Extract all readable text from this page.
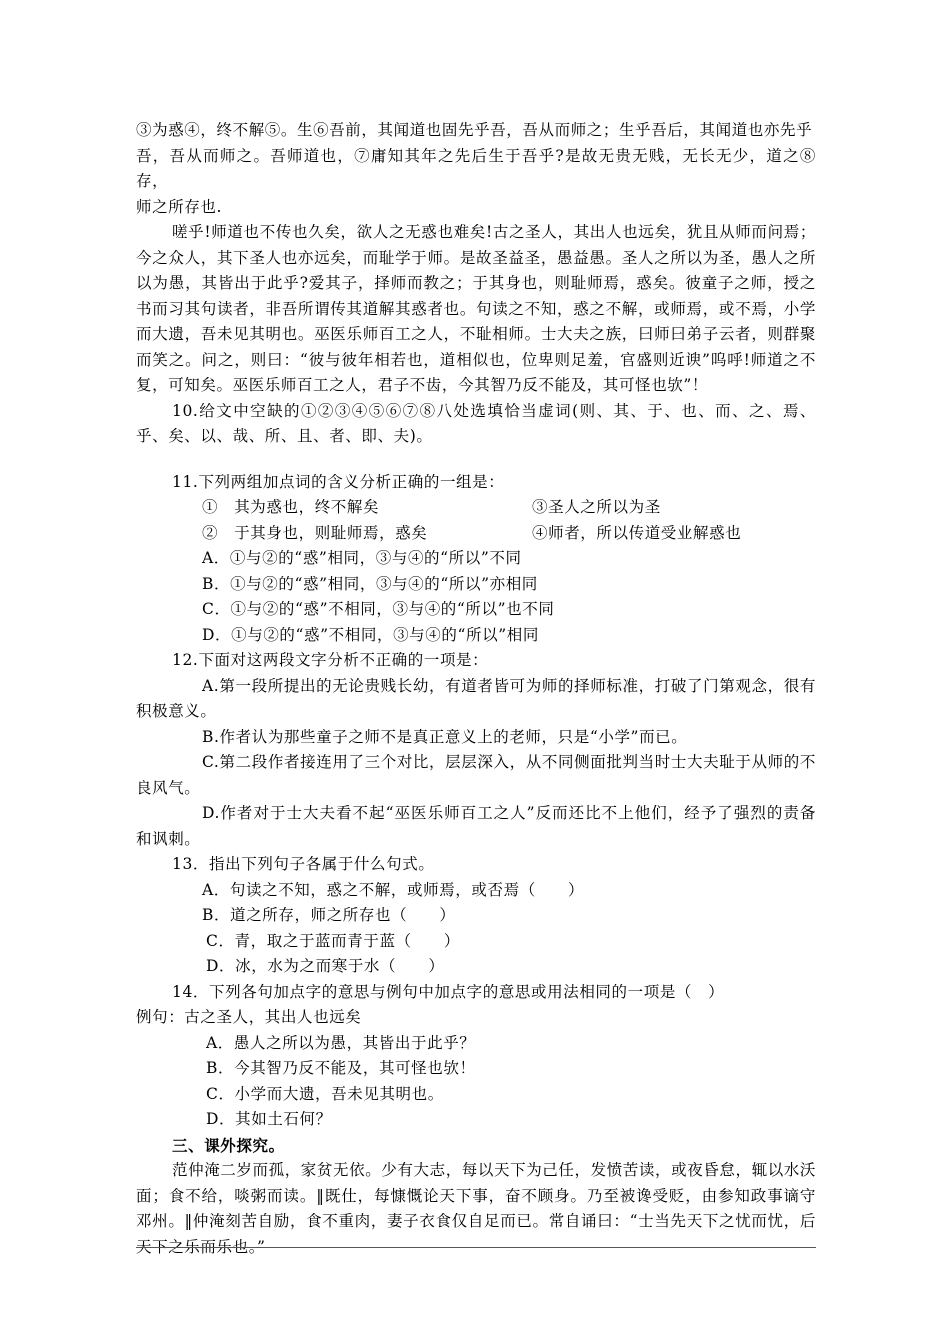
③为惑④，终不解⑤。生⑥吾前，其闻道也固先乎吾，吾从而师之；生乎吾后，其闻道也亦先乎

吾，吾从而师之。吾师道也，⑦庸知其年之先后生于吾乎?是故无贵无贱，无长无少，道之⑧存，

师之所存也.

嗟乎!师道也不传也久矣，欲人之无惑也难矣!古之圣人，其出人也远矣，犹且从师而问焉；今之众人，其下圣人也亦远矣，而耻学于师。是故圣益圣，愚益愚。圣人之所以为圣，愚人之所以为愚，其皆出于此乎?爱其子，择师而教之；于其身也，则耻师焉，惑矣。彼童子之师，授之书而习其句读者，非吾所谓传其道解其惑者也。句读之不知，惑之不解，或师焉，或不焉，小学而大遗，吾未见其明也。巫医乐师百工之人，不耻相师。士大夫之族，曰师曰弟子云者，则群聚而笑之。问之，则曰：“彼与彼年相若也，道相似也，位卑则足羞，官盛则近谀”呜呼!师道之不复，可知矣。巫医乐师百工之人，君子不齿，今其智乃反不能及，其可怪也欤”！

10.给文中空缺的①②③④⑤⑥⑦⑧八处选填恰当虚词(则、其、于、也、而、之、焉、乎、矣、以、哉、所、且、者、即、夫)。

11.下列两组加点词的含义分析正确的一组是：

①　其为惑也，终不解矣	③圣人之所以为圣
②　于其身也，则耻师焉，惑矣	④师者，所以传道受业解惑也

A．①与②的“惑”相同，③与④的“所以”不同

B．①与②的“惑”相同，③与④的“所以”亦相同

C．①与②的“惑”不相同，③与④的“所以”也不同

D．①与②的“惑”不相同，③与④的“所以”相同

12.下面对这两段文字分析不正确的一项是：

A.第一段所提出的无论贵贱长幼，有道者皆可为师的择师标准，打破了门第观念，很有积极意义。

B.作者认为那些童子之师不是真正意义上的老师，只是“小学”而已。

C.第二段作者接连用了三个对比，层层深入，从不同侧面批判当时士大夫耻于从师的不良风气。

D.作者对于士大夫看不起“巫医乐师百工之人”反而还比不上他们，经予了强烈的责备和讽刺。

13．指出下列句子各属于什么句式。

A．句读之不知，惑之不解，或师焉，或否焉（　　）

B．道之所存，师之所存也（　　）

C．青，取之于蓝而青于蓝（　　）

D．冰，水为之而寒于水（　　）

14．下列各句加点字的意思与例句中加点字的意思或用法相同的一项是（　）

例句：古之圣人，其出人也远矣

A．愚人之所以为愚，其皆出于此乎？

B．今其智乃反不能及，其可怪也欤！

C．小学而大遗，吾未见其明也。

D．其如土石何？

三、课外探究。

范仲淹二岁而孤，家贫无依。少有大志，每以天下为己任，发愤苦读，或夜昏怠，辄以水沃面；食不给，啖粥而读。‖既仕，每慷慨论天下事，奋不顾身。乃至被谗受贬，由参知政事谪守邓州。‖仲淹刻苦自励，食不重肉，妻子衣食仅自足而已。常自诵曰：“士当先天下之忧而忧，后天下之乐而乐也。”
